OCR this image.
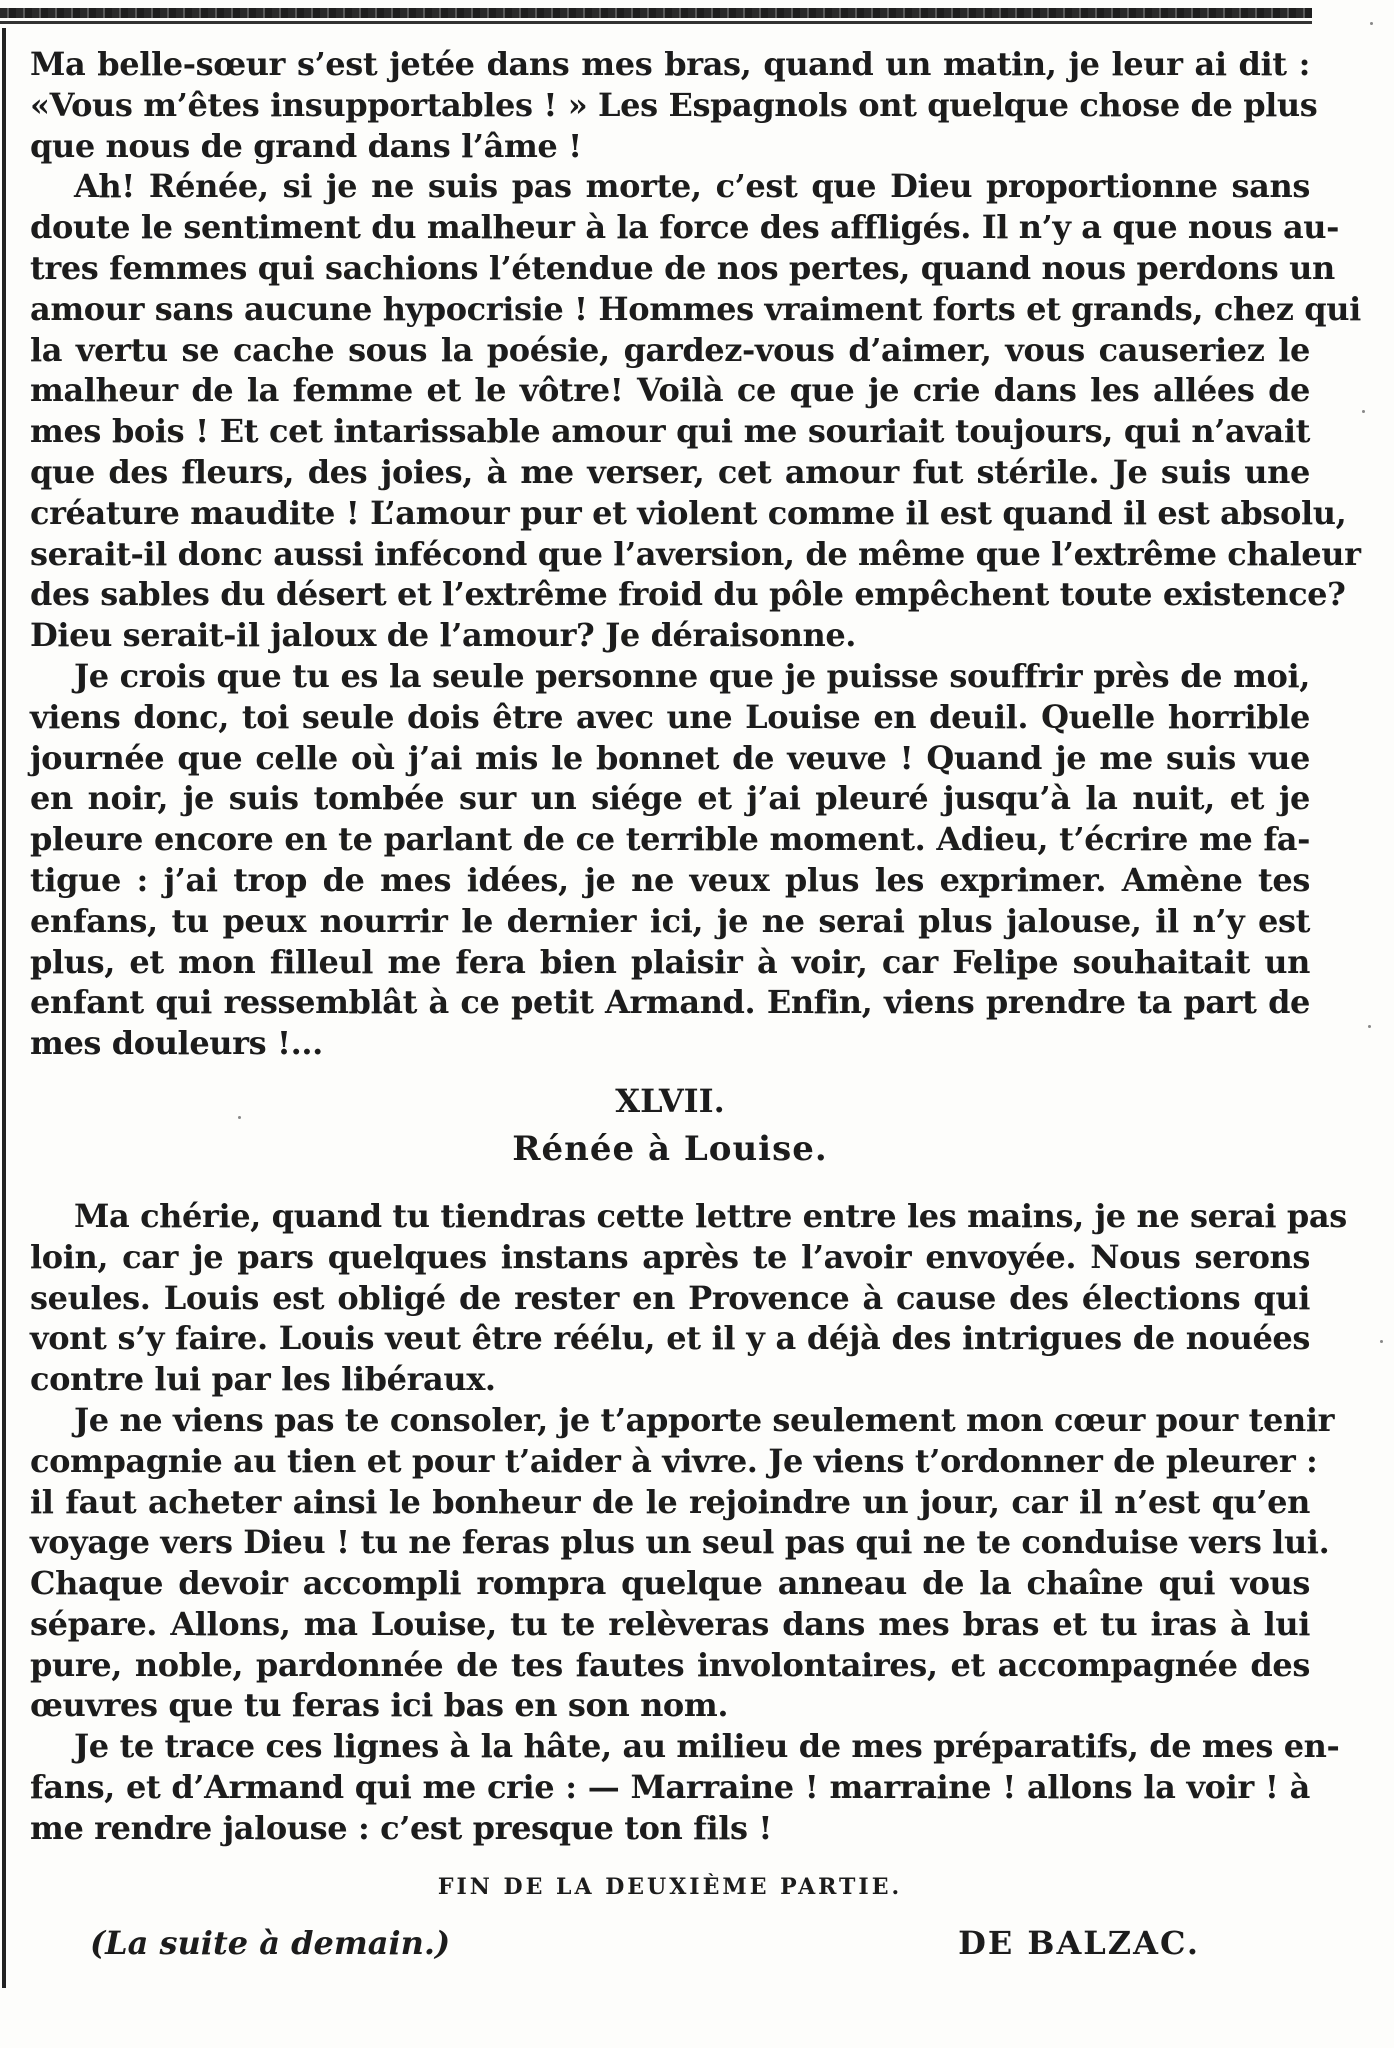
Ma belle-sœur s’est jetée dans mes bras, quand un matin, je leur ai dit :
«Vous m’êtes insupportables ! » Les Espagnols ont quelque chose de plus
que nous de grand dans l’âme !
Ah! Rénée, si je ne suis pas morte, c’est que Dieu proportionne sans
doute le sentiment du malheur à la force des affligés. Il n’y a que nous au-
tres femmes qui sachions l’étendue de nos pertes, quand nous perdons un
amour sans aucune hypocrisie ! Hommes vraiment forts et grands, chez qui
la vertu se cache sous la poésie, gardez-vous d’aimer, vous causeriez le
malheur de la femme et le vôtre! Voilà ce que je crie dans les allées de
mes bois ! Et cet intarissable amour qui me souriait toujours, qui n’avait
que des fleurs, des joies, à me verser, cet amour fut stérile. Je suis une
créature maudite ! L’amour pur et violent comme il est quand il est absolu,
serait-il donc aussi infécond que l’aversion, de même que l’extrême chaleur
des sables du désert et l’extrême froid du pôle empêchent toute existence?
Dieu serait-il jaloux de l’amour? Je déraisonne.
Je crois que tu es la seule personne que je puisse souffrir près de moi,
viens donc, toi seule dois être avec une Louise en deuil. Quelle horrible
journée que celle où j’ai mis le bonnet de veuve ! Quand je me suis vue
en noir, je suis tombée sur un siége et j’ai pleuré jusqu’à la nuit, et je
pleure encore en te parlant de ce terrible moment. Adieu, t’écrire me fa-
tigue : j’ai trop de mes idées, je ne veux plus les exprimer. Amène tes
enfans, tu peux nourrir le dernier ici, je ne serai plus jalouse, il n’y est
plus, et mon filleul me fera bien plaisir à voir, car Felipe souhaitait un
enfant qui ressemblât à ce petit Armand. Enfin, viens prendre ta part de
mes douleurs !...
XLVII.
Rénée à Louise.
Ma chérie, quand tu tiendras cette lettre entre les mains, je ne serai pas
loin, car je pars quelques instans après te l’avoir envoyée. Nous serons
seules. Louis est obligé de rester en Provence à cause des élections qui
vont s’y faire. Louis veut être réélu, et il y a déjà des intrigues de nouées
contre lui par les libéraux.
Je ne viens pas te consoler, je t’apporte seulement mon cœur pour tenir
compagnie au tien et pour t’aider à vivre. Je viens t’ordonner de pleurer :
il faut acheter ainsi le bonheur de le rejoindre un jour, car il n’est qu’en
voyage vers Dieu ! tu ne feras plus un seul pas qui ne te conduise vers lui.
Chaque devoir accompli rompra quelque anneau de la chaîne qui vous
sépare. Allons, ma Louise, tu te relèveras dans mes bras et tu iras à lui
pure, noble, pardonnée de tes fautes involontaires, et accompagnée des
œuvres que tu feras ici bas en son nom.
Je te trace ces lignes à la hâte, au milieu de mes préparatifs, de mes en-
fans, et d’Armand qui me crie : — Marraine ! marraine ! allons la voir ! à
me rendre jalouse : c’est presque ton fils !
FIN DE LA DEUXIÈME PARTIE.
(La suite à demain.)	DE BALZAC.
